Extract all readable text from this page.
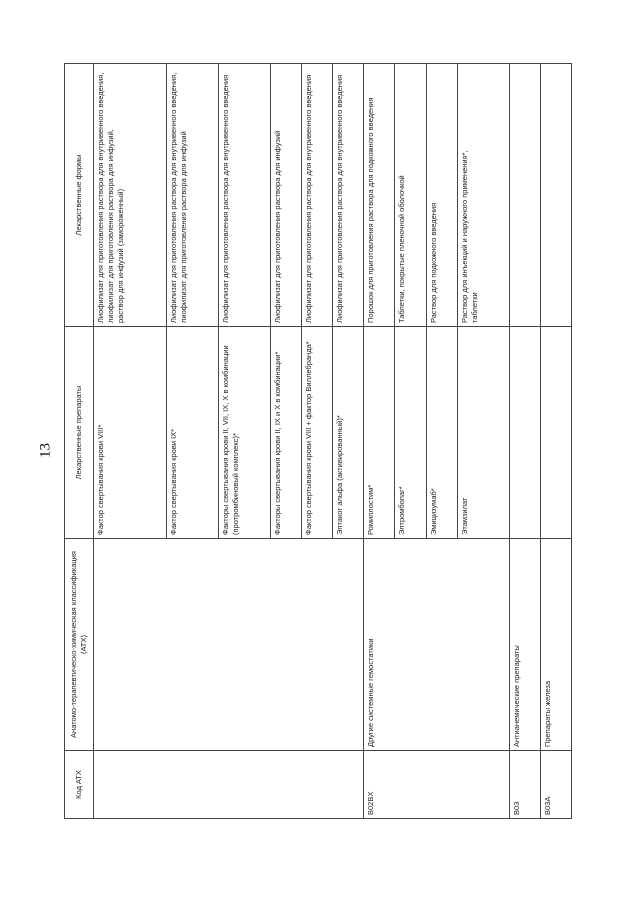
13
Код АТХ	Анатомо-терапевтическо-химическая классификация (АТХ)	Лекарственные препараты	Лекарственные формы
		Фактор свертывания крови VIII*	Лиофилизат для приготовления раствора для внутривенного введения, лиофилизат для приготовления раствора для инфузий, раствор для инфузий (замороженный)

		Фактор свертывания крови IX*	Лиофилизат для приготовления раствора для внутривенного введения, лиофилизат для приготовления раствора для инфузий

		Факторы свертывания крови II, VII, IX, X в комбинации (протромбиновый комплекс)*	Лиофилизат для приготовления раствора для внутривенного введения

		Факторы свертывания крови II, IX и X в комбинации*	Лиофилизат для приготовления раствора для инфузий

		Фактор свертывания крови VIII + фактор Виллебранда*	Лиофилизат для приготовления раствора для внутривенного введения

		Эптаког альфа (активированный)*	Лиофилизат для приготовления раствора для внутривенного введения

B02BX	Другие системные гемостатики	Ромиплостим*	Порошок для приготовления раствора для подкожного введения

		Элтромбопаг*	Таблетки, покрытые пленочной оболочкой

		Эмицизумаб*	Раствор для подкожного введения

		Этамзилат	Раствор для инъекций и наружного применения*, таблетки

B03	Антианемические препараты		
B03A	Препараты железа		
